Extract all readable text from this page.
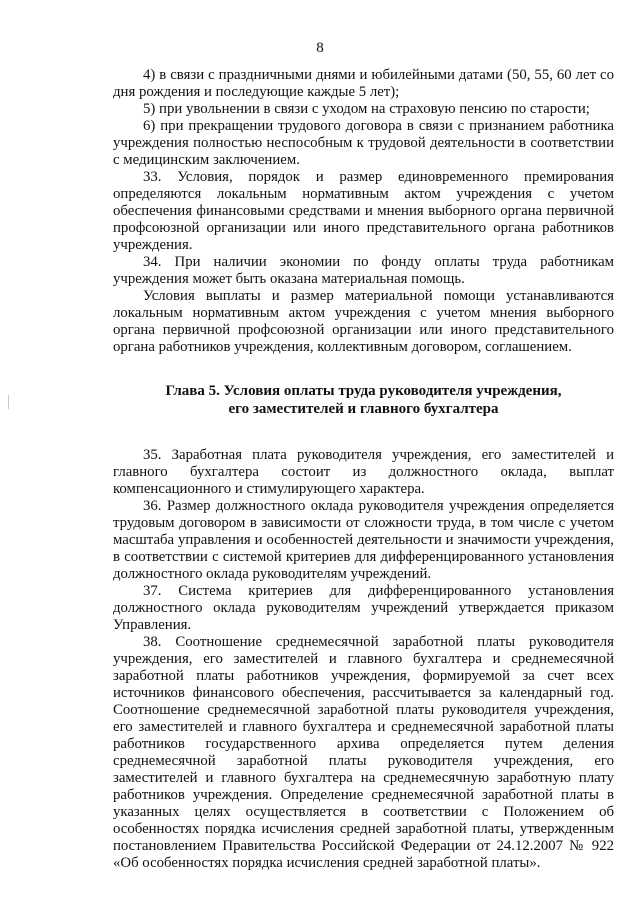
8

4) в связи с праздничными днями и юбилейными датами (50, 55, 60 лет со дня рождения и последующие каждые 5 лет);

5) при увольнении в связи с уходом на страховую пенсию по старости;

6) при прекращении трудового договора в связи с признанием работника учреждения полностью неспособным к трудовой деятельности в соответствии с медицинским заключением.

33. Условия, порядок и размер единовременного премирования определяются локальным нормативным актом учреждения с учетом обеспечения финансовыми средствами и мнения выборного органа первичной профсоюзной организации или иного представительного органа работников учреждения.

34. При наличии экономии по фонду оплаты труда работникам учреждения может быть оказана материальная помощь.

Условия выплаты и размер материальной помощи устанавливаются локальным нормативным актом учреждения с учетом мнения выборного органа первичной профсоюзной организации или иного представительного органа работников учреждения, коллективным договором, соглашением.

Глава 5. Условия оплаты труда руководителя учреждения,
его заместителей и главного бухгалтера

35. Заработная плата руководителя учреждения, его заместителей и главного бухгалтера состоит из должностного оклада, выплат компенсационного и стимулирующего характера.

36. Размер должностного оклада руководителя учреждения определяется трудовым договором в зависимости от сложности труда, в том числе с учетом масштаба управления и особенностей деятельности и значимости учреждения, в соответствии с системой критериев для дифференцированного установления должностного оклада руководителям учреждений.

37. Система критериев для дифференцированного установления должностного оклада руководителям учреждений утверждается приказом Управления.

38. Соотношение среднемесячной заработной платы руководителя учреждения, его заместителей и главного бухгалтера и среднемесячной заработной платы работников учреждения, формируемой за счет всех источников финансового обеспечения, рассчитывается за календарный год. Соотношение среднемесячной заработной платы руководителя учреждения, его заместителей и главного бухгалтера и среднемесячной заработной платы работников государственного архива определяется путем деления среднемесячной заработной платы руководителя учреждения, его заместителей и главного бухгалтера на среднемесячную заработную плату работников учреждения. Определение среднемесячной заработной платы в указанных целях осуществляется в соответствии с Положением об особенностях порядка исчисления средней заработной платы, утвержденным постановлением Правительства Российской Федерации от 24.12.2007 № 922 «Об особенностях порядка исчисления средней заработной платы».
